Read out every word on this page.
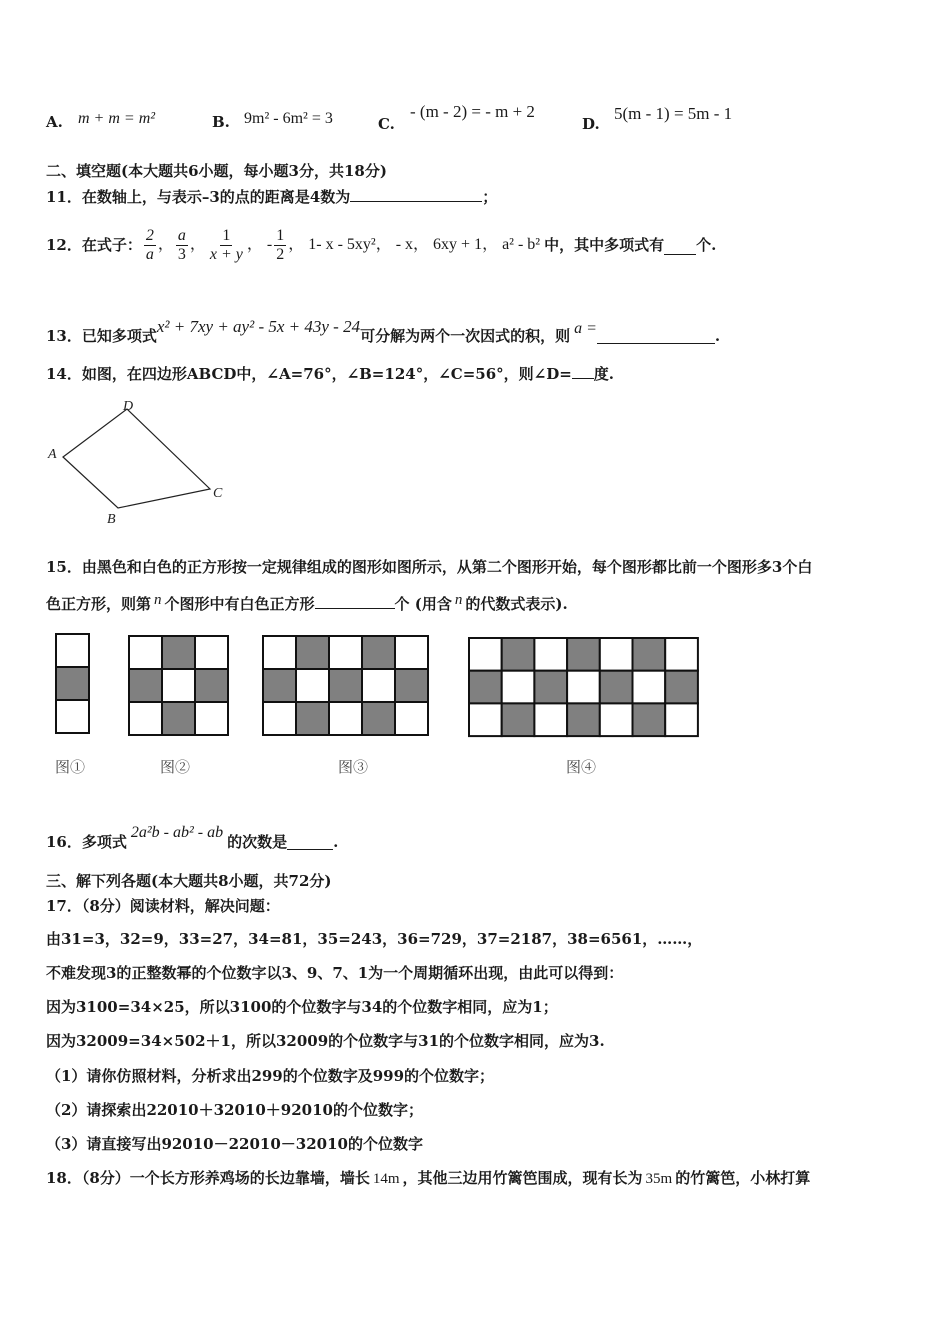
A. m + m = m²	B. 9m² - 6m² = 3	C.
- (m - 2) = - m + 2
D.
5(m - 1) = 5m - 1
二、填空题(本大题共6小题，每小题3分，共18分)
11．在数轴上，与表示–3的点的距离是4数为	；
12．在式子： $\frac{2}{a}$ ， $\frac{a}{3}$ ， $\frac{1}{x + y}$ ， - $\frac{1}{2}$ ， 1- x - 5xy²， - x， 6xy + 1， a² - b² 中，其中多项式有 个.
13．已知多项式 x² + 7xy + ay² - 5x + 43y - 24 可分解为两个一次因式的积，则 a =	.
14．如图，在四边形ABCD中，∠A=76°，∠B=124°，∠C=56°，则∠D= 度.
A
D
C
B
15．由黑色和白色的正方形按一定规律组成的图形如图所示，从第二个图形开始，每个图形都比前一个图形多3个白
色正方形，则第 n 个图形中有白色正方形	个 (用含 n 的代数式表示).
图①	图②	图③	图④
16．多项式
2a²b - ab² - ab
的次数是	.
三、解下列各题(本大题共8小题，共72分)
17．（8分）阅读材料，解决问题：
由31=3，32=9，33=27，34=81，35=243，36=729，37=2187，38=6561，……，
不难发现3的正整数幂的个位数字以3、9、7、1为一个周期循环出现，由此可以得到：
因为3100=34×25，所以3100的个位数字与34的个位数字相同，应为1；
因为32009=34×502＋1，所以32009的个位数字与31的个位数字相同，应为3.
（1）请你仿照材料，分析求出299的个位数字及999的个位数字；
（2）请探索出22010＋32010＋92010的个位数字；
（3）请直接写出92010－22010－32010的个位数字
18．（8分）一个长方形养鸡场的长边靠墙，墙长 14m ，其他三边用竹篱笆围成，现有长为 35m 的竹篱笆，小林打算
